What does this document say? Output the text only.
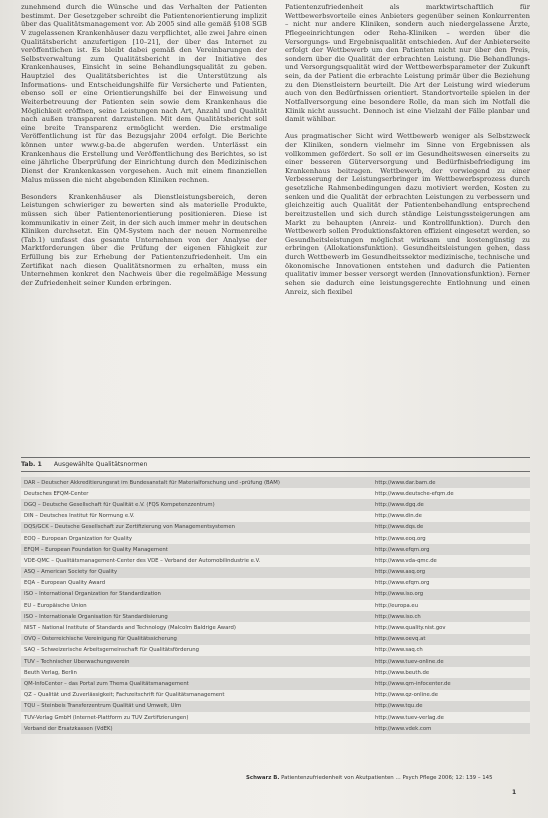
zunehmend durch die Wünsche und das Verhalten der Patienten bestimmt. Der Gesetzgeber schreibt die Patientenorientierung implizit über das Qualitätsmanagement vor. Ab 2005 sind alle gemäß §108 SGB V zugelassenen Krankenhäuser dazu verpflichtet, alle zwei Jahre einen Qualitätsbericht anzufertigen [10–21], der über das Internet zu veröffentlichen ist. Es bleibt dabei gemäß den Vereinbarungen der Selbstverwaltung zum Qualitätsbericht in der Initiative des Krankenhauses, Einsicht in seine Behandlungsqualität zu geben. Hauptziel des Qualitätsberichtes ist die Unterstützung als Informations- und Entscheidungshilfe für Versicherte und Patienten, ebenso soll er eine Orientierungshilfe bei der Einweisung und Weiterbetreuung der Patienten sein sowie dem Krankenhaus die Möglichkeit eröffnen, seine Leistungen nach Art, Anzahl und Qualität nach außen transparent darzustellen. Mit dem Qualitätsbericht soll eine breite Transparenz ermöglicht werden. Die erstmalige Veröffentlichung ist für das Bezugsjahr 2004 erfolgt. Die Berichte können unter www.g-ba.de abgerufen werden. Unterlässt ein Krankenhaus die Erstellung und Veröffentlichung des Berichtes, so ist eine jährliche Überprüfung der Einrichtung durch den Medizinischen Dienst der Krankenkassen vorgesehen. Auch mit einem finanziellen Malus müssen die nicht abgebenden Kliniken rechnen.

Besonders Krankenhäuser als Dienstleistungsbereich, deren Leistungen schwieriger zu bewerten sind als materielle Produkte, müssen sich über Patientenorientierung positionieren. Diese ist kommunikativ in einer Zeit, in der sich auch immer mehr in deutschen Kliniken durchsetzt. Ein QM-System nach der neuen Normenreihe (Tab.1) umfasst das gesamte Unternehmen von der Analyse der Marktforderungen über die Prüfung der eigenen Fähigkeit zur Erfüllung bis zur Erhebung der Patientenzufriedenheit. Um ein Zertifikat nach diesen Qualitätsnormen zu erhalten, muss ein Unternehmen konkret den Nachweis über die regelmäßige Messung der Zufriedenheit seiner Kunden erbringen.

Patientenzufriedenheit als marktwirtschaftlich für Wettbewerbsvorteile eines Anbieters gegenüber seinen Konkurrenten – nicht nur andere Kliniken, sondern auch niedergelassene Ärzte, Pflegeeinrichtungen oder Reha-Kliniken – werden über die Versorgungs- und Ergebnisqualität entschieden. Auf der Anbieterseite erfolgt der Wettbewerb um den Patienten nicht nur über den Preis, sondern über die Qualität der erbrachten Leistung. Die Behandlungs- und Versorgungsqualität wird der Wettbewerbsparameter der Zukunft sein, da der Patient die erbrachte Leistung primär über die Beziehung zu den Dienstleistern beurteilt. Die Art der Leistung wird wiederum auch von den Bedürfnissen orientiert. Standortvorteile spielen in der Notfallversorgung eine besondere Rolle, da man sich im Notfall die Klinik nicht aussucht. Dennoch ist eine Vielzahl der Fälle planbar und damit wählbar.

Aus pragmatischer Sicht wird Wettbewerb weniger als Selbstzweck der Kliniken, sondern vielmehr im Sinne von Ergebnissen als vollkommen gefördert. So soll er im Gesundheitswesen einerseits zu einer besseren Güterversorgung und Bedürfnisbefriedigung im Krankenhaus beitragen. Wettbewerb, der vorwiegend zu einer Verbesserung der Leistungserbringer im Wettbewerbsprozess durch gesetzliche Rahmenbedingungen dazu motiviert werden, Kosten zu senken und die Qualität der erbrachten Leistungen zu verbessern und gleichzeitig auch Qualität der Patientenbehandlung entsprechend bereitzustellen und sich durch ständige Leistungssteigerungen am Markt zu behaupten (Anreiz- und Kontrollfunktion). Durch den Wettbewerb sollen Produktionsfaktoren effizient eingesetzt werden, so Gesundheitsleistungen möglichst wirksam und kostengünstig zu erbringen (Allokationsfunktion). Gesundheitsleistungen gehen, dass durch Wettbewerb im Gesundheitssektor medizinische, technische und ökonomische Innovationen entstehen und dadurch die Patienten qualitativ immer besser versorgt werden (Innovationsfunktion). Ferner sehen sie dadurch eine leistungsgerechte Entlohnung und einen Anreiz, sich flexibel

Tab. 1 Ausgewählte Qualitätsnormen
DAR – Deutscher Akkreditierungsrat im Bundesanstalt für Materialforschung und -prüfung (BAM)	http://www.dar.bam.de
Deutsches EFQM-Center	http://www.deutsche-efqm.de
DGQ – Deutsche Gesellschaft für Qualität e.V. (FQS Kompetenzzentrum)	http://www.dgq.de
DIN – Deutsches Institut für Normung e.V.	http://www.din.de
DQS/GCK – Deutsche Gesellschaft zur Zertifizierung von Managementsystemen	http://www.dqs.de
EOQ – European Organization for Quality	http://www.eoq.org
EFQM – European Foundation for Quality Management	http://www.efqm.org
VDE-QMC – Qualitätsmanagement-Center des VDE – Verband der Automobilindustrie e.V.	http://www.vda-qmc.de
ASQ – American Society for Quality	http://www.asq.org
EQA – European Quality Award	http://www.efqm.org
ISO – International Organization for Standardization	http://www.iso.org
EU – Europäische Union	http://europa.eu
ISO – Internationale Organisation für Standardisierung	http://www.iso.ch
NIST – National Institute of Standards and Technology (Malcolm Baldrige Award)	http://www.quality.nist.gov
ÖVQ – Österreichische Vereinigung für Qualitätssicherung	http://www.oevq.at
SAQ – Schweizerische Arbeitsgemeinschaft für Qualitätsförderung	http://www.saq.ch
TÜV – Technischer Überwachungsverein	http://www.tuev-online.de
Beuth Verlag, Berlin	http://www.beuth.de
QM-InfoCenter – das Portal zum Thema Qualitätsmanagement	http://www.qm-infocenter.de
QZ – Qualität und Zuverlässigkeit; Fachzeitschrift für Qualitätsmanagement	http://www.qz-online.de
TQU – Steinbeis Transferzentrum Qualität und Umwelt, Ulm	http://www.tqu.de
TÜV-Verlag GmbH (Internet-Plattform zu TÜV Zertifizierungen)	http://www.tuev-verlag.de
Verband der Ersatzkassen (VdEK)	http://www.vdek.com
Schwarz B. Patientenzufriedenheit von Akutpatienten … Psych Pflege 2006; 12: 139 – 145
1
